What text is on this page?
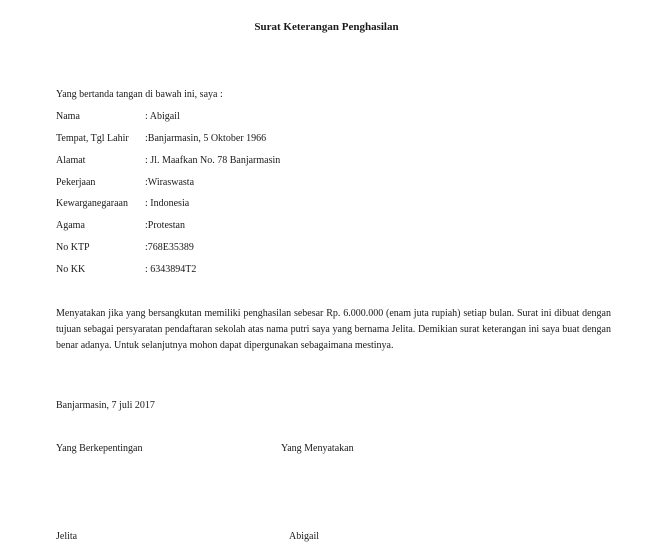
Surat Keterangan Penghasilan
Yang bertanda tangan di bawah ini, saya :
Nama	: Abigail
Tempat, Tgl Lahir :Banjarmasin, 5 Oktober 1966
Alamat	: Jl. Maafkan No. 78 Banjarmasin
Pekerjaan	:Wiraswasta
Kewarganegaraan : Indonesia
Agama	:Protestan
No KTP	:768E35389
No KK	: 6343894T2
Menyatakan jika yang bersangkutan memiliki penghasilan sebesar Rp. 6.000.000 (enam juta rupiah) setiap bulan. Surat ini dibuat dengan tujuan sebagai persyaratan pendaftaran sekolah atas nama putri saya yang bernama Jelita. Demikian surat keterangan ini saya buat dengan benar adanya. Untuk selanjutnya mohon dapat dipergunakan sebagaimana mestinya.
Banjarmasin, 7 juli 2017
Yang Berkepentingan	Yang Menyatakan
Jelita	Abigail
